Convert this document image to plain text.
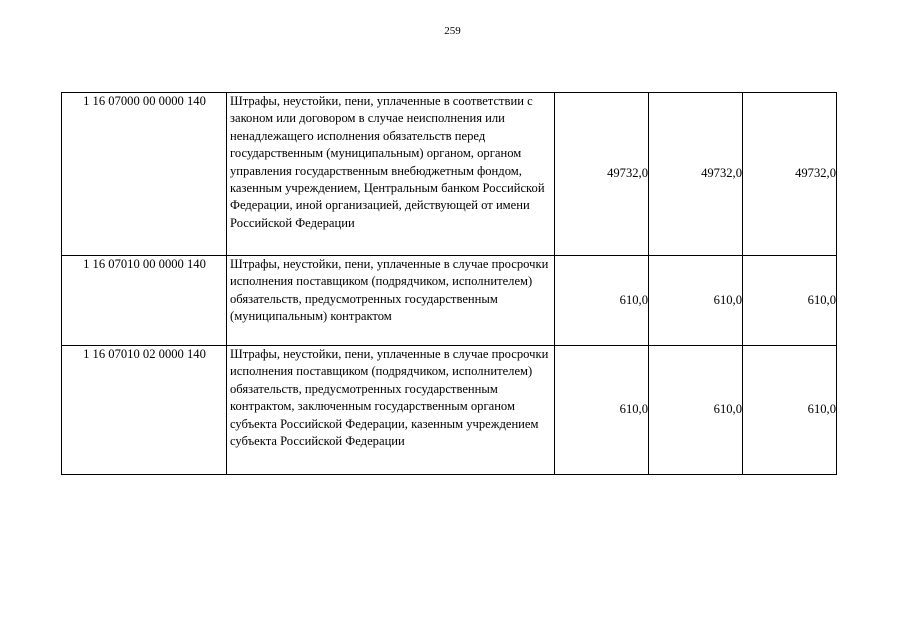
259
1 16 07000 00 0000 140	Штрафы, неустойки, пени, уплаченные в соответствии с законом или договором в случае неисполнения или ненадлежащего исполнения обязательств перед государственным (муниципальным) органом, органом управления государственным внебюджетным фондом, казенным учреждением, Центральным банком Российской Федерации, иной организацией, действующей от имени Российской Федерации	49732,0	49732,0	49732,0
1 16 07010 00 0000 140	Штрафы, неустойки, пени, уплаченные в случае просрочки исполнения поставщиком (подрядчиком, исполнителем) обязательств, предусмотренных государственным (муниципальным) контрактом	610,0	610,0	610,0
1 16 07010 02 0000 140	Штрафы, неустойки, пени, уплаченные в случае просрочки исполнения поставщиком (подрядчиком, исполнителем) обязательств, предусмотренных государственным контрактом, заключенным государственным органом субъекта Российской Федерации, казенным учреждением субъекта Российской Федерации	610,0	610,0	610,0
